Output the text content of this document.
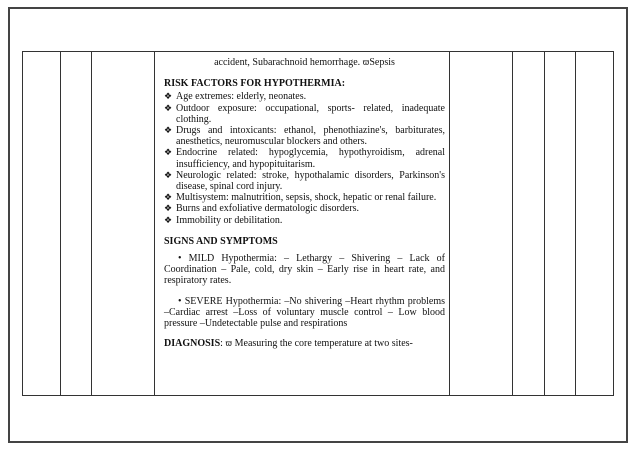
accident, Subarachnoid hemorrhage. ϖSepsis

RISK FACTORS FOR HYPOTHERMIA:

❖ Age extremes: elderly, neonates.
❖ Outdoor exposure: occupational, sports- related, inadequate clothing.
❖ Drugs and intoxicants: ethanol, phenothiazine's, barbiturates, anesthetics, neuromuscular blockers and others.
❖ Endocrine related: hypoglycemia, hypothyroidism, adrenal insufficiency, and hypopituitarism.
❖ Neurologic related: stroke, hypothalamic disorders, Parkinson's disease, spinal cord injury.
❖ Multisystem: malnutrition, sepsis, shock, hepatic or renal failure.
❖ Burns and exfoliative dermatologic disorders.
❖ Immobility or debilitation.

SIGNS AND SYMPTOMS

• MILD Hypothermia: – Lethargy – Shivering – Lack of Coordination – Pale, cold, dry skin – Early rise in heart rate, and respiratory rates.

• SEVERE Hypothermia: –No shivering –Heart rhythm problems –Cardiac arrest –Loss of voluntary muscle control – Low blood pressure –Undetectable pulse and respirations

DIAGNOSIS: ϖ Measuring the core temperature at two sites-
